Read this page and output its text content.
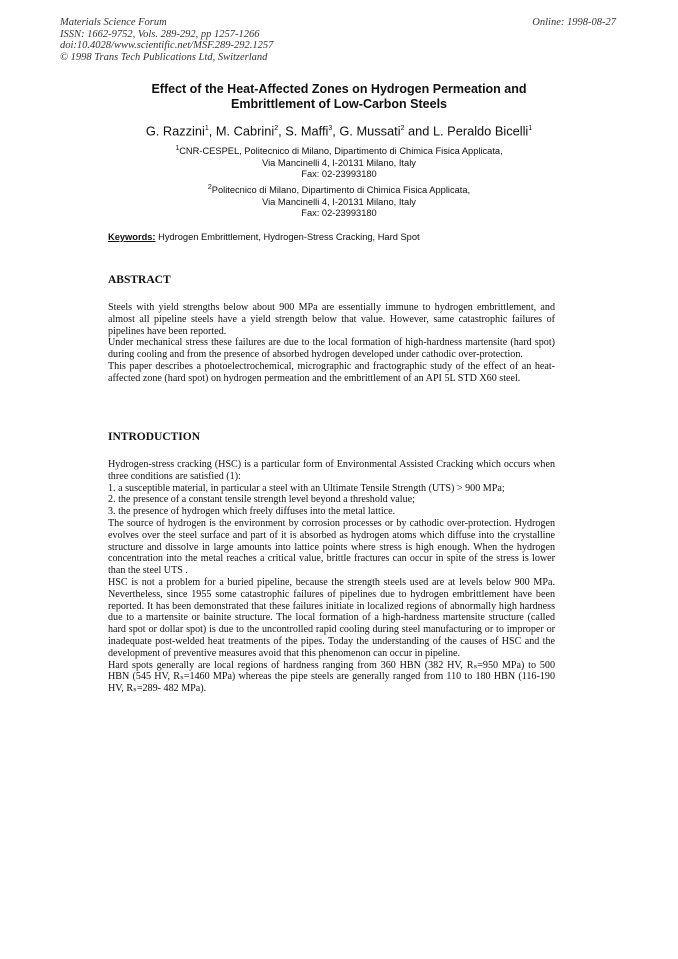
Materials Science Forum
ISSN: 1662-9752, Vols. 289-292, pp 1257-1266
doi:10.4028/www.scientific.net/MSF.289-292.1257
© 1998 Trans Tech Publications Ltd, Switzerland
Online: 1998-08-27
Effect of the Heat-Affected Zones on Hydrogen Permeation and
Embrittlement of Low-Carbon Steels
G. Razzini$^1$, M. Cabrini$^2$, S. Maffi$^3$, G. Mussati$^2$ and L. Peraldo Bicelli$^1$
$^1$CNR-CESPEL, Politecnico di Milano, Dipartimento di Chimica Fisica Applicata,
Via Mancinelli 4, I-20131 Milano, Italy
Fax: 02-23993180
$^2$Politecnico di Milano, Dipartimento di Chimica Fisica Applicata,
Via Mancinelli 4, I-20131 Milano, Italy
Fax: 02-23993180
Keywords: Hydrogen Embrittlement, Hydrogen-Stress Cracking, Hard Spot
ABSTRACT

Steels with yield strengths below about 900 MPa are essentially immune to hydrogen embrittlement, and almost all pipeline steels have a yield strength below that value. However, same catastrophic failures of pipelines have been reported.

Under mechanical stress these failures are due to the local formation of high-hardness martensite (hard spot) during cooling and from the presence of absorbed hydrogen developed under cathodic over-protection.

This paper describes a photoelectrochemical, micrographic and fractographic study of the effect of an heat-affected zone (hard spot) on hydrogen permeation and the embrittlement of an API 5L STD X60 steel.

INTRODUCTION

Hydrogen-stress cracking (HSC) is a particular form of Environmental Assisted Cracking which occurs when three conditions are satisfied (1):

1. a susceptible material, in particular a steel with an Ultimate Tensile Strength (UTS) > 900 MPa;

2. the presence of a constant tensile strength level beyond a threshold value;

3. the presence of hydrogen which freely diffuses into the metal lattice.

The source of hydrogen is the environment by corrosion processes or by cathodic over-protection. Hydrogen evolves over the steel surface and part of it is absorbed as hydrogen atoms which diffuse into the crystalline structure and dissolve in large amounts into lattice points where stress is high enough. When the hydrogen concentration into the metal reaches a critical value, brittle fractures can occur in spite of the stress is lower than the steel UTS .

HSC is not a problem for a buried pipeline, because the strength steels used are at levels below 900 MPa. Nevertheless, since 1955 some catastrophic failures of pipelines due to hydrogen embrittlement have been reported. It has been demonstrated that these failures initiate in localized regions of abnormally high hardness due to a martensite or bainite structure. The local formation of a high-hardness martensite structure (called hard spot or dollar spot) is due to the uncontrolled rapid cooling during steel manufacturing or to improper or inadequate post-welded heat treatments of the pipes. Today the understanding of the causes of HSC and the development of preventive measures avoid that this phenomenon can occur in pipeline.

Hard spots generally are local regions of hardness ranging from 360 HBN (382 HV, Rₛ=950 MPa) to 500 HBN (545 HV, Rₛ=1460 MPa) whereas the pipe steels are generally ranged from 110 to 180 HBN (116-190 HV, Rₛ=289- 482 MPa).
